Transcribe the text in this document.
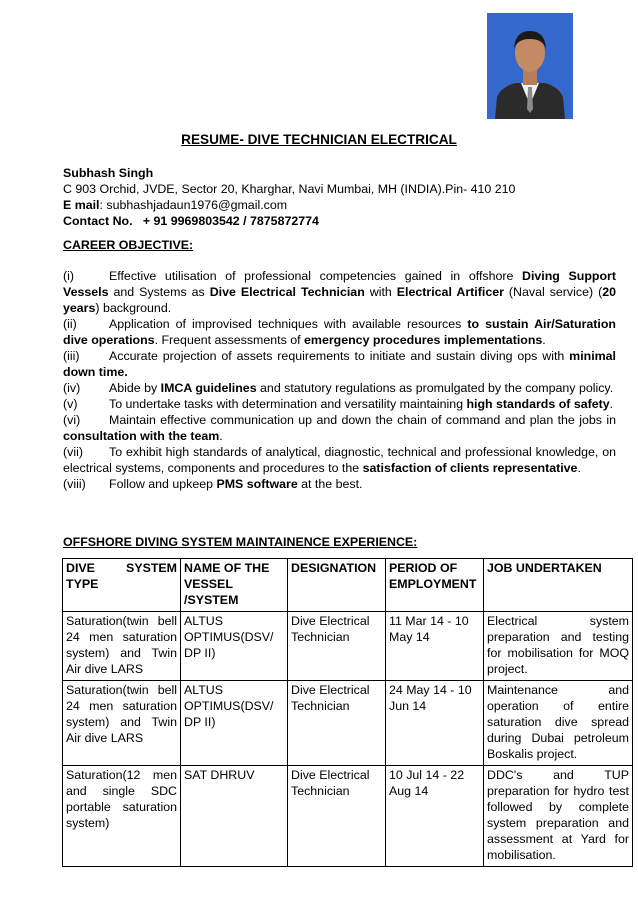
RESUME- DIVE TECHNICIAN ELECTRICAL
Subhash Singh
C 903 Orchid, JVDE, Sector 20, Kharghar, Navi Mumbai, MH (INDIA).Pin- 410 210
E mail: subhashjadaun1976@gmail.com
Contact No. + 91 9969803542 / 7875872774
CAREER OBJECTIVE:

(i)	Effective utilisation of professional competencies gained in offshore Diving Support Vessels and Systems as Dive Electrical Technician with Electrical Artificer (Naval service) (20 years) background.

(ii)	Application of improvised techniques with available resources to sustain Air/Saturation dive operations. Frequent assessments of emergency procedures implementations.

(iii) Accurate projection of assets requirements to initiate and sustain diving ops with minimal down time.

(iv) Abide by IMCA guidelines and statutory regulations as promulgated by the company policy.

(v)	To undertake tasks with determination and versatility maintaining high standards of safety.

(vi) Maintain effective communication up and down the chain of command and plan the jobs in consultation with the team.

(vii) To exhibit high standards of analytical, diagnostic, technical and professional knowledge, on electrical systems, components and procedures to the satisfaction of clients representative.

(viii) Follow and upkeep PMS software at the best.

OFFSHORE DIVING SYSTEM MAINTAINENCE EXPERIENCE:
DIVE SYSTEM TYPE	NAME OF THE VESSEL /SYSTEM	DESIGNATION	PERIOD OF EMPLOYMENT	JOB UNDERTAKEN
Saturation(twin bell 24 men saturation system) and Twin Air dive LARS	ALTUS OPTIMUS(DSV/ DP II)	Dive Electrical Technician	11 Mar 14 - 10 May 14	Electrical system preparation and testing for mobilisation for MOQ project.
Saturation(twin bell 24 men saturation system) and Twin Air dive LARS	ALTUS OPTIMUS(DSV/ DP II)	Dive Electrical Technician	24 May 14 - 10 Jun 14	Maintenance and operation of entire saturation dive spread during Dubai petroleum Boskalis project.
Saturation(12 men and single SDC portable saturation system)	SAT DHRUV	Dive Electrical Technician	10 Jul 14 - 22 Aug 14	DDC's and TUP preparation for hydro test followed by complete system preparation and assessment at Yard for mobilisation.
